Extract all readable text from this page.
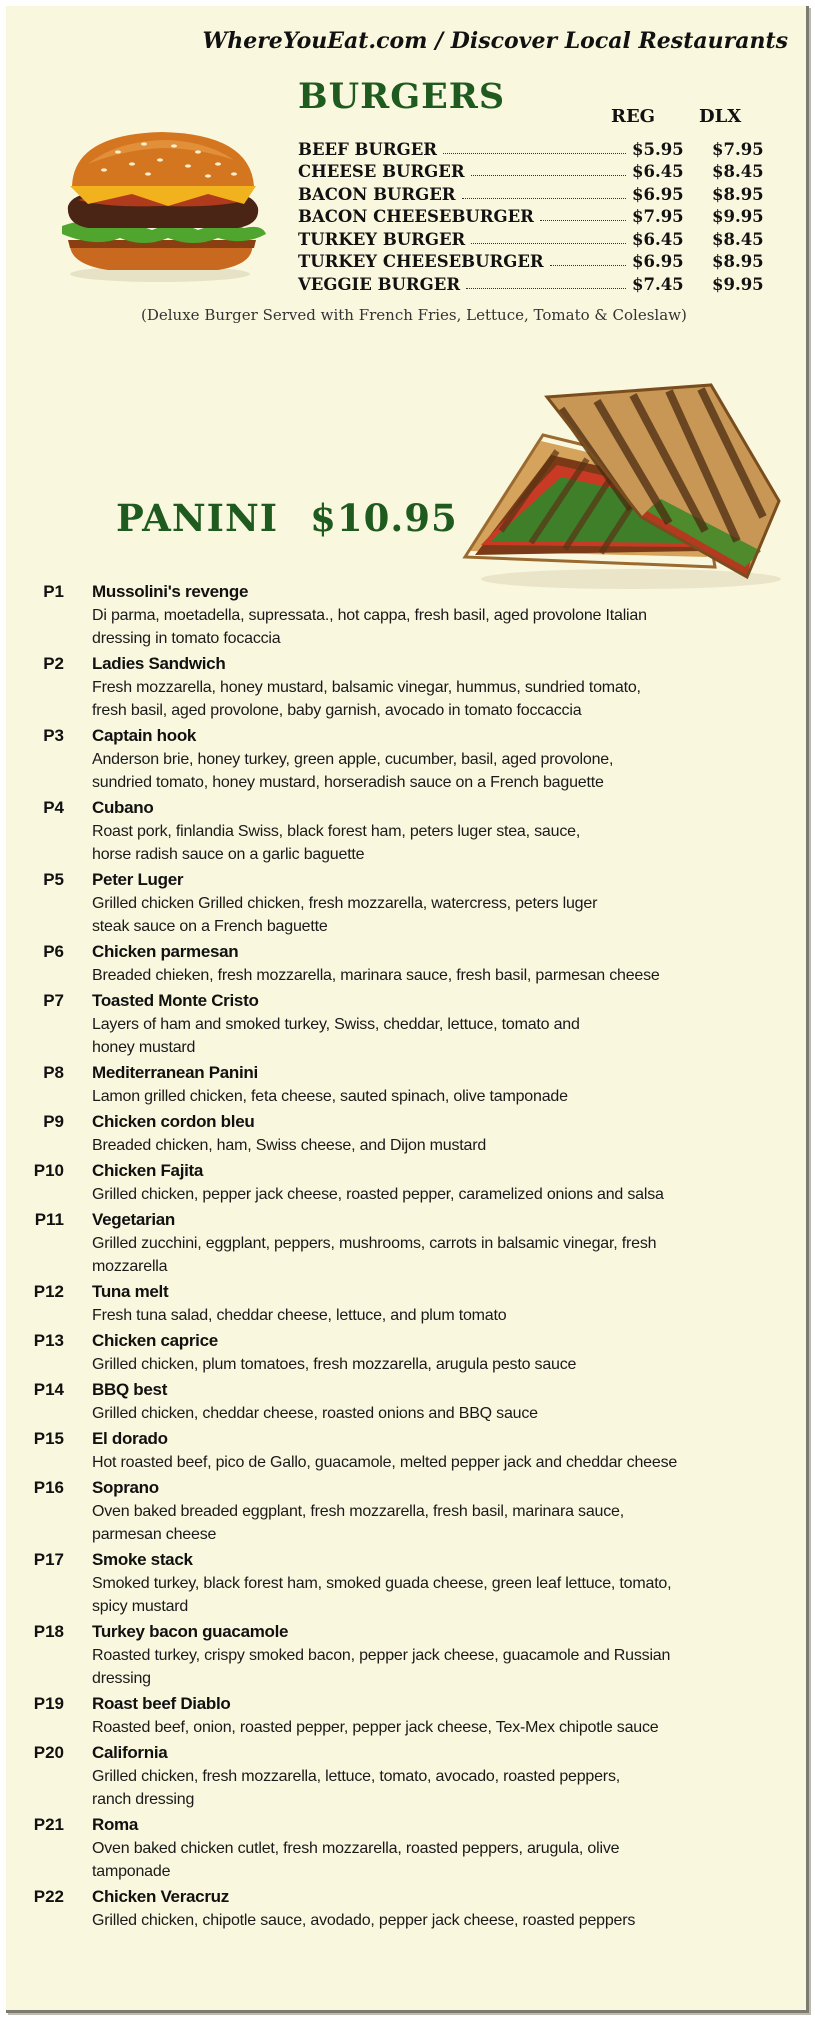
WhereYouEat.com / Discover Local Restaurants
BURGERS	REG DLX
BEEF BURGER	$5.95	$7.95
CHEESE BURGER	$6.45	$8.45
BACON BURGER	$6.95	$8.95
BACON CHEESEBURGER	$7.95	$9.95
TURKEY BURGER	$6.45	$8.45
TURKEY CHEESEBURGER	$6.95	$8.95
VEGGIE BURGER	$7.45	$9.95
(Deluxe Burger Served with French Fries, Lettuce, Tomato & Coleslaw)
PANINI $10.95
P1	Mussolini's revenge
Di parma, moetadella, supressata., hot cappa, fresh basil, aged provolone Italian
dressing in tomato focaccia
P2	Ladies Sandwich
Fresh mozzarella, honey mustard, balsamic vinegar, hummus, sundried tomato,
fresh basil, aged provolone, baby garnish, avocado in tomato foccaccia
P3	Captain hook
Anderson brie, honey turkey, green apple, cucumber, basil, aged provolone,
sundried tomato, honey mustard, horseradish sauce on a French baguette
P4	Cubano
Roast pork, finlandia Swiss, black forest ham, peters luger stea, sauce,
horse radish sauce on a garlic baguette
P5	Peter Luger
Grilled chicken Grilled chicken, fresh mozzarella, watercress, peters luger
steak sauce on a French baguette
P6	Chicken parmesan
Breaded chieken, fresh mozzarella, marinara sauce, fresh basil, parmesan cheese
P7	Toasted Monte Cristo
Layers of ham and smoked turkey, Swiss, cheddar, lettuce, tomato and
honey mustard
P8	Mediterranean Panini
Lamon grilled chicken, feta cheese, sauted spinach, olive tamponade
P9	Chicken cordon bleu
Breaded chicken, ham, Swiss cheese, and Dijon mustard
P10	Chicken Fajita
Grilled chicken, pepper jack cheese, roasted pepper, caramelized onions and salsa
P11	Vegetarian
Grilled zucchini, eggplant, peppers, mushrooms, carrots in balsamic vinegar, fresh
mozzarella
P12	Tuna melt
Fresh tuna salad, cheddar cheese, lettuce, and plum tomato
P13	Chicken caprice
Grilled chicken, plum tomatoes, fresh mozzarella, arugula pesto sauce
P14	BBQ best
Grilled chicken, cheddar cheese, roasted onions and BBQ sauce
P15	El dorado
Hot roasted beef, pico de Gallo, guacamole, melted pepper jack and cheddar cheese
P16	Soprano
Oven baked breaded eggplant, fresh mozzarella, fresh basil, marinara sauce,
parmesan cheese
P17	Smoke stack
Smoked turkey, black forest ham, smoked guada cheese, green leaf lettuce, tomato,
spicy mustard
P18	Turkey bacon guacamole
Roasted turkey, crispy smoked bacon, pepper jack cheese, guacamole and Russian
dressing
P19	Roast beef Diablo
Roasted beef, onion, roasted pepper, pepper jack cheese, Tex-Mex chipotle sauce
P20	California
Grilled chicken, fresh mozzarella, lettuce, tomato, avocado, roasted peppers,
ranch dressing
P21	Roma
Oven baked chicken cutlet, fresh mozzarella, roasted peppers, arugula, olive
tamponade
P22	Chicken Veracruz
Grilled chicken, chipotle sauce, avodado, pepper jack cheese, roasted peppers
